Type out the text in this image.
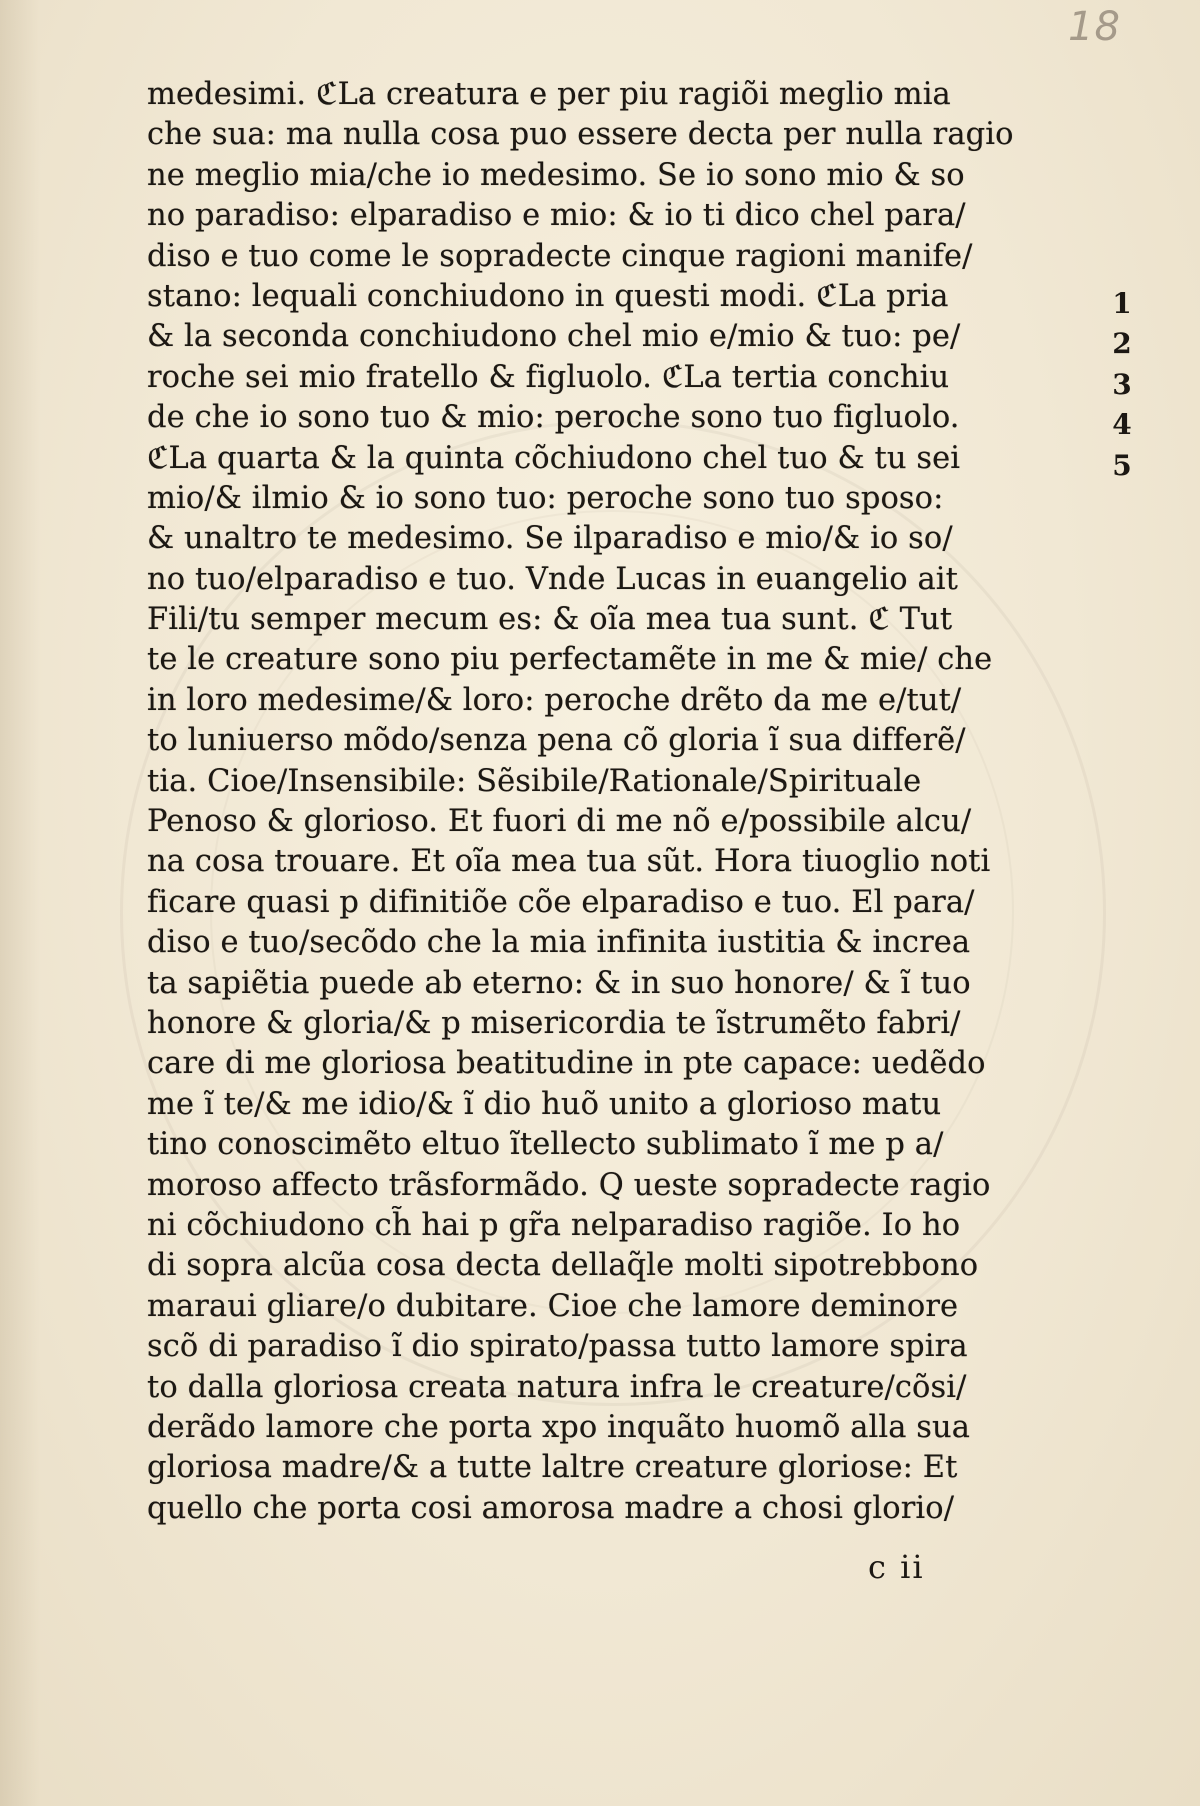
18
medesimi. ℭLa creatura e per piu ragiõi meglio mia
che sua: ma nulla cosa puo essere decta per nulla ragio
ne meglio mia/che io medesimo. Se io sono mio & so
no paradiso: elparadiso e mio: & io ti dico chel para/
diso e tuo come le sopradecte cinque ragioni manife/
stano: lequali conchiudono in questi modi. ℭLa pria
& la seconda conchiudono chel mio e/mio & tuo: pe/
roche sei mio fratello & figluolo. ℭLa tertia conchiu
de che io sono tuo & mio: peroche sono tuo figluolo.
ℭLa quarta & la quinta cõchiudono chel tuo & tu sei
mio/& ilmio & io sono tuo: peroche sono tuo sposo:
& unaltro te medesimo. Se ilparadiso e mio/& io so/
no tuo/elparadiso e tuo. Vnde Lucas in euangelio ait
Fili/tu semper mecum es: & oĩa mea tua sunt. ℭ Tut
te le creature sono piu perfectamẽte in me & mie/ che
in loro medesime/& loro: peroche drẽto da me e/tut/
to luniuerso mõdo/senza pena cõ gloria ĩ sua differẽ/
tia. Cioe/Insensibile: Sẽsibile/Rationale/Spirituale
Penoso & glorioso. Et fuori di me nõ e/possibile alcu/
na cosa trouare. Et oĩa mea tua sũt. Hora tiuoglio noti
ficare quasi p difinitiõe cõe elparadiso e tuo. El para/
diso e tuo/secõdo che la mia infinita iustitia & increa
ta sapiẽtia puede ab eterno: & in suo honore/ & ĩ tuo
honore & gloria/& p misericordia te ĩstrumẽto fabri/
care di me gloriosa beatitudine in pte capace: uedẽdo
me ĩ te/& me idio/& ĩ dio huõ unito a glorioso matu
tino conoscimẽto eltuo ĩtellecto sublimato ĩ me p a/
moroso affecto trãsformãdo. Q ueste sopradecte ragio
ni cõchiudono ch̃ hai p gr̃a nelparadiso ragiõe. Io ho
di sopra alcũa cosa decta dellaq̃le molti sipotrebbono
maraui gliare/o dubitare. Cioe che lamore deminore
scõ di paradiso ĩ dio spirato/passa tutto lamore spira
to dalla gloriosa creata natura infra le creature/cõsi/
derãdo lamore che porta xpo inquãto huomõ alla sua
gloriosa madre/& a tutte laltre creature gloriose: Et
quello che porta cosi amorosa madre a chosi glorio/
1
2
3
4
5
c ii
